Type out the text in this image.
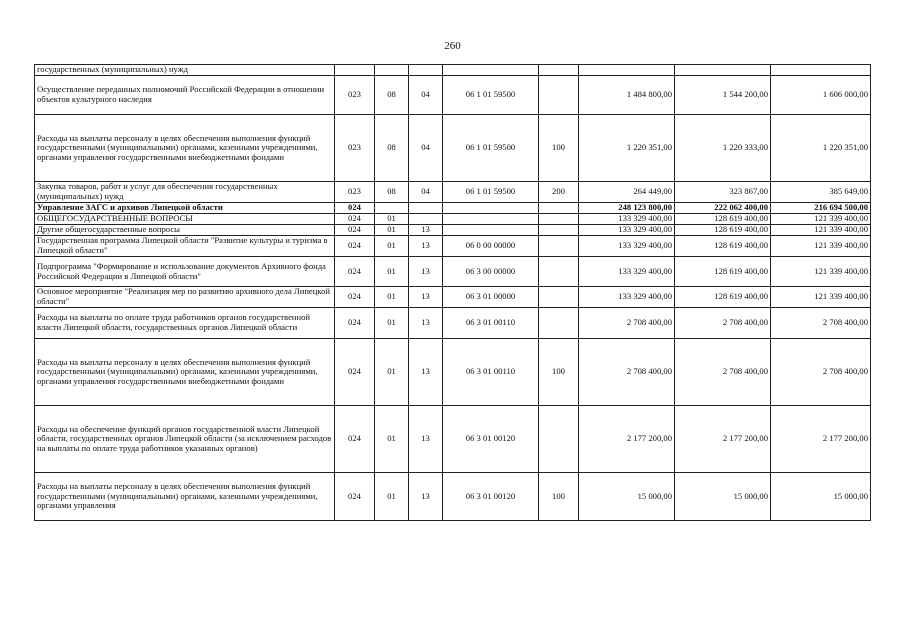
260
государственных (муниципальных) нужд								
Осуществление переданных полномочий Российской Федерации в отношении объектов культурного наследия	023	08	04	06 1 01 59500		1 484 800,00	1 544 200,00	1 606 000,00
Расходы на выплаты персоналу в целях обеспечения выполнения функций государственными (муниципальными) органами, казенными учреждениями, органами управления государственными внебюджетными фондами	023	08	04	06 1 01 59500	100	1 220 351,00	1 220 333,00	1 220 351,00
Закупка товаров, работ и услуг для обеспечения государственных (муниципальных) нужд	023	08	04	06 1 01 59500	200	264 449,00	323 867,00	385 649,00
Управление ЗАГС и архивов Липецкой области	024					248 123 800,00	222 062 400,00	216 694 500,00
ОБЩЕГОСУДАРСТВЕННЫЕ ВОПРОСЫ	024	01				133 329 400,00	128 619 400,00	121 339 400,00
Другие общегосударственные вопросы	024	01	13			133 329 400,00	128 619 400,00	121 339 400,00
Государственная программа Липецкой области "Развитие культуры и туризма в Липецкой области"	024	01	13	06 0 00 00000		133 329 400,00	128 619 400,00	121 339 400,00
Подпрограмма "Формирование и использование документов Архивного фонда Российской Федерации в Липецкой области"	024	01	13	06 3 00 00000		133 329 400,00	128 619 400,00	121 339 400,00
Основное мероприятие "Реализация мер по развитию архивного дела Липецкой области"	024	01	13	06 3 01 00000		133 329 400,00	128 619 400,00	121 339 400,00
Расходы на выплаты по оплате труда работников органов государственной власти Липецкой области, государственных органов Липецкой области	024	01	13	06 3 01 00110		2 708 400,00	2 708 400,00	2 708 400,00
Расходы на выплаты персоналу в целях обеспечения выполнения функций государственными (муниципальными) органами, казенными учреждениями, органами управления государственными внебюджетными фондами	024	01	13	06 3 01 00110	100	2 708 400,00	2 708 400,00	2 708 400,00
Расходы на обеспечение функций органов государственной власти Липецкой области, государственных органов Липецкой области (за исключением расходов на выплаты по оплате труда работников указанных органов)	024	01	13	06 3 01 00120		2 177 200,00	2 177 200,00	2 177 200,00
Расходы на выплаты персоналу в целях обеспечения выполнения функций государственными (муниципальными) органами, казенными учреждениями, органами управления	024	01	13	06 3 01 00120	100	15 000,00	15 000,00	15 000,00
